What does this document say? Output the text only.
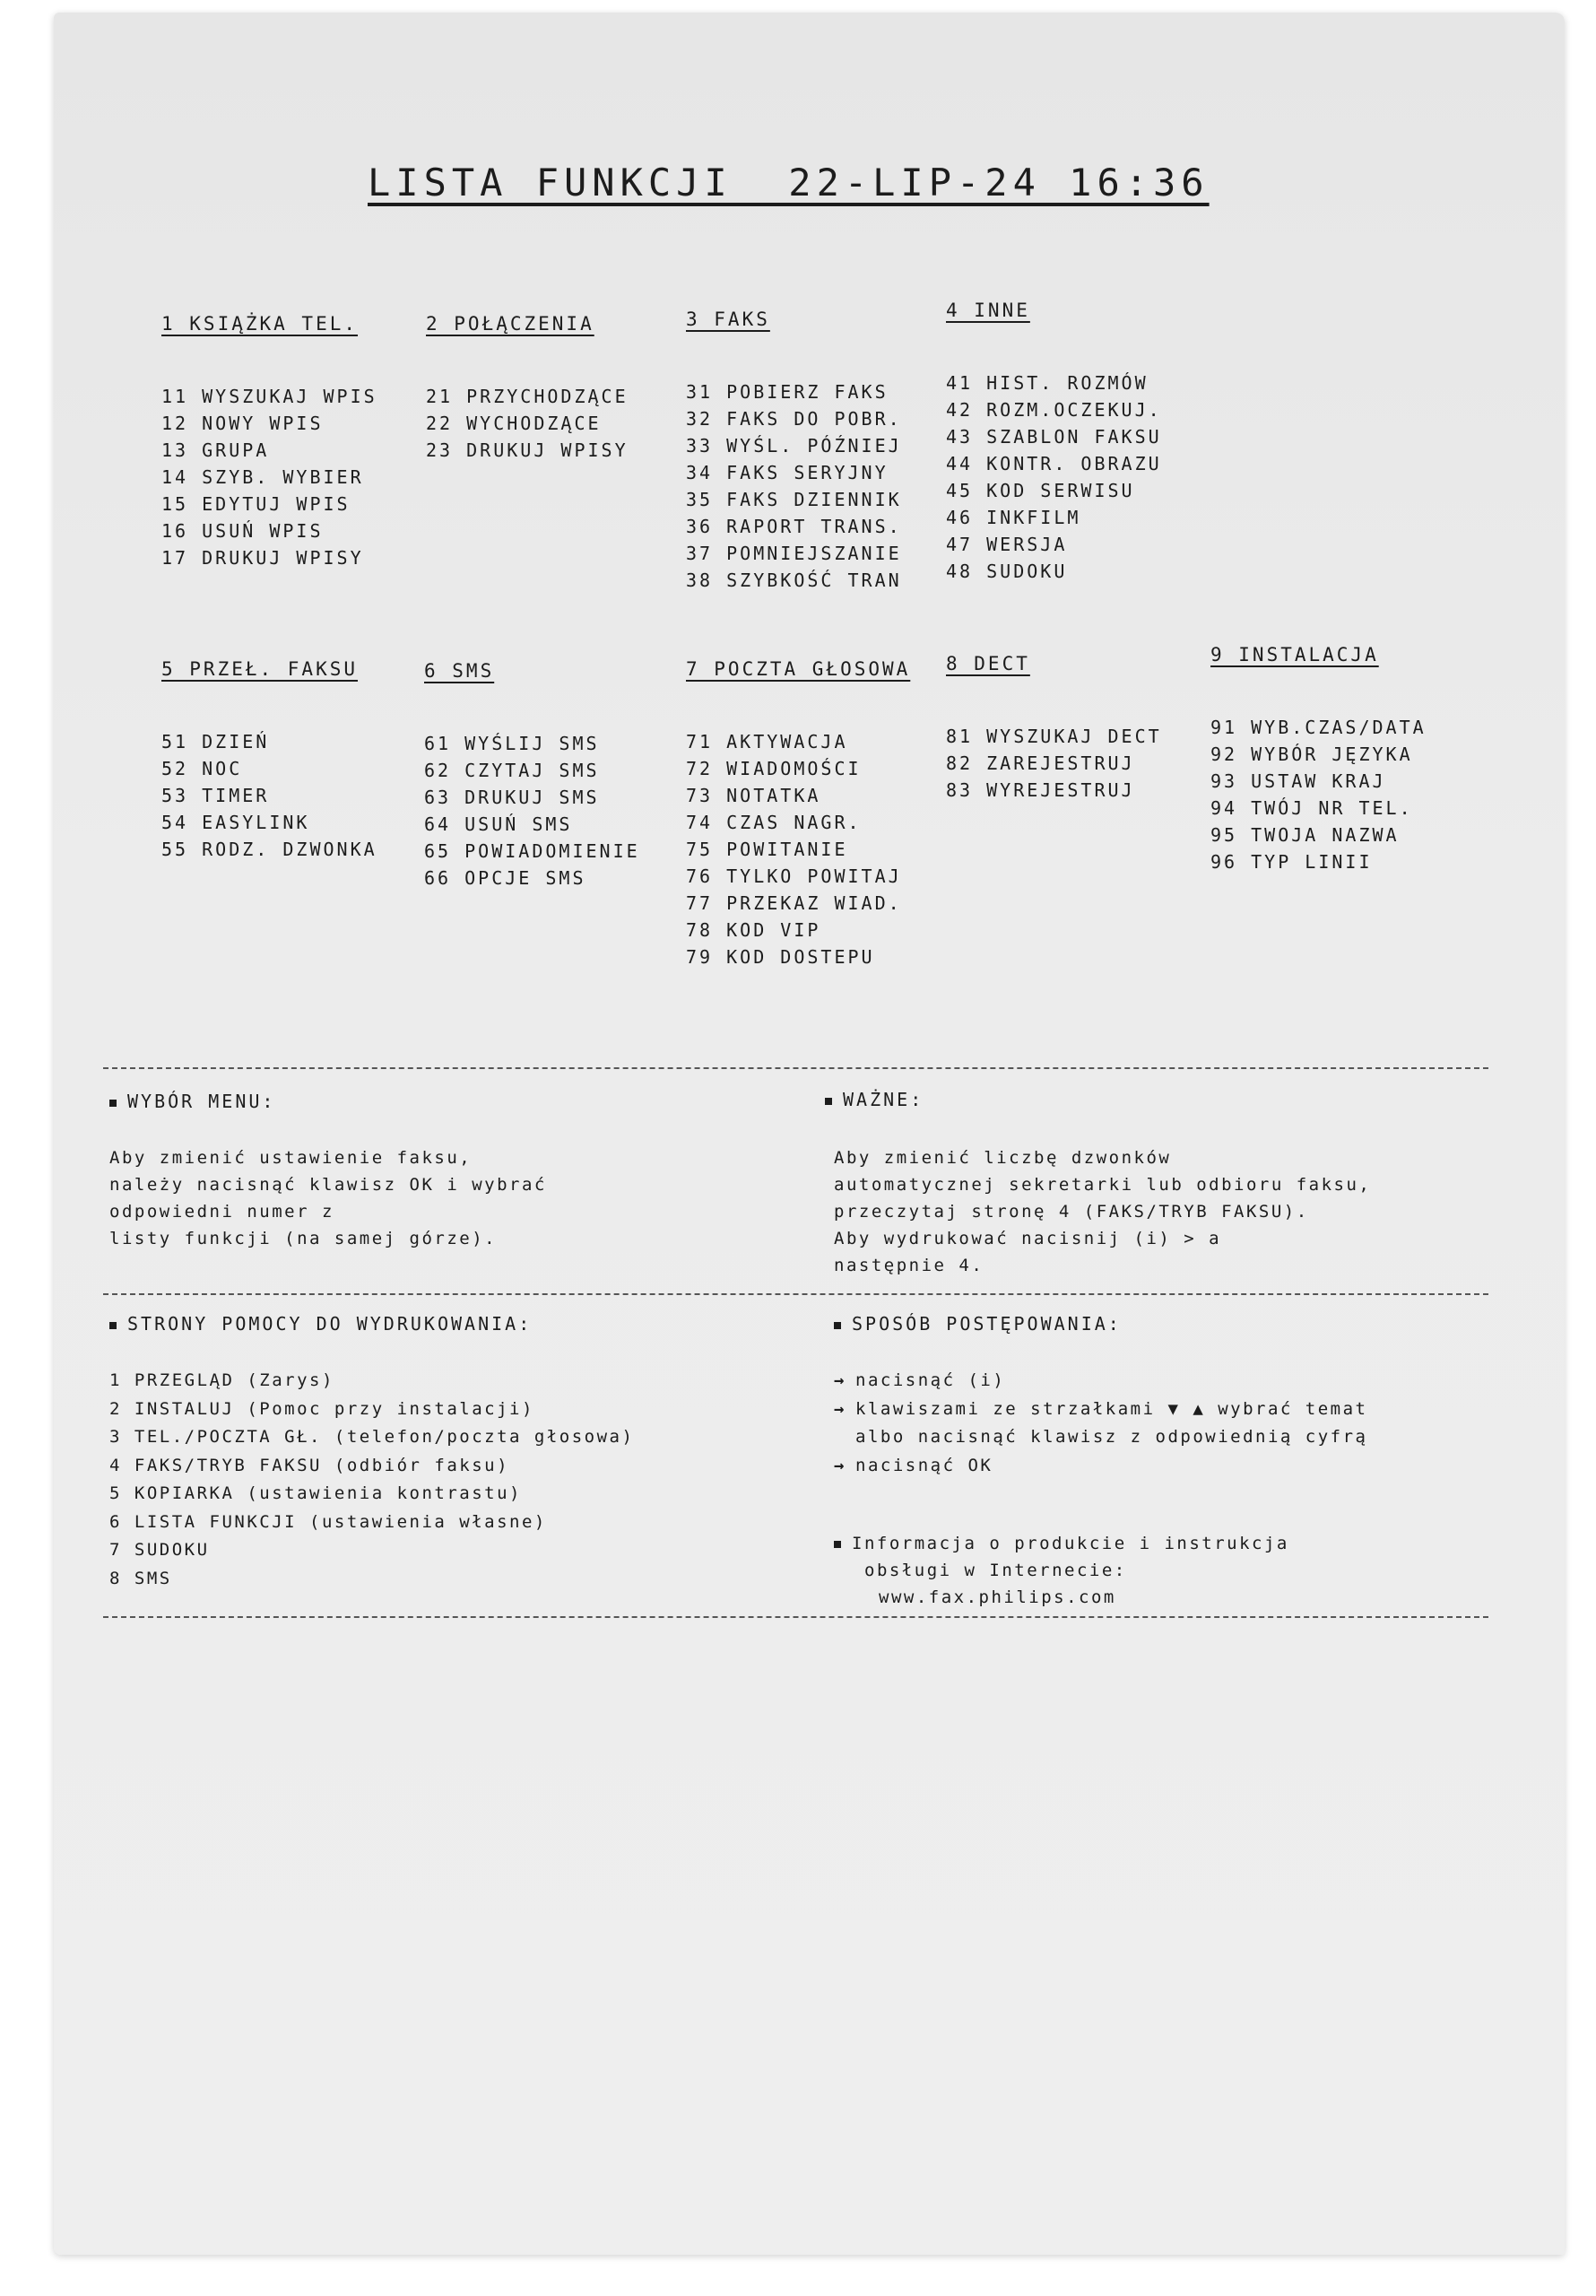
LISTA FUNKCJI  22-LIP-24 16:36
1 KSIĄŻKA TEL.
11 WYSZUKAJ WPIS
12 NOWY WPIS
13 GRUPA
14 SZYB. WYBIER
15 EDYTUJ WPIS
16 USUŃ WPIS
17 DRUKUJ WPISY
2 POŁĄCZENIA
21 PRZYCHODZĄCE
22 WYCHODZĄCE
23 DRUKUJ WPISY
3 FAKS
31 POBIERZ FAKS
32 FAKS DO POBR.
33 WYŚL. PÓŹNIEJ
34 FAKS SERYJNY
35 FAKS DZIENNIK
36 RAPORT TRANS.
37 POMNIEJSZANIE
38 SZYBKOŚĆ TRAN
4 INNE
41 HIST. ROZMÓW
42 ROZM.OCZEKUJ.
43 SZABLON FAKSU
44 KONTR. OBRAZU
45 KOD SERWISU
46 INKFILM
47 WERSJA
48 SUDOKU
5 PRZEŁ. FAKSU
51 DZIEŃ
52 NOC
53 TIMER
54 EASYLINK
55 RODZ. DZWONKA
6 SMS
61 WYŚLIJ SMS
62 CZYTAJ SMS
63 DRUKUJ SMS
64 USUŃ SMS
65 POWIADOMIENIE
66 OPCJE SMS
7 POCZTA GŁOSOWA
71 AKTYWACJA
72 WIADOMOŚCI
73 NOTATKA
74 CZAS NAGR.
75 POWITANIE
76 TYLKO POWITAJ
77 PRZEKAZ WIAD.
78 KOD VIP
79 KOD DOSTEPU
8 DECT
81 WYSZUKAJ DECT
82 ZAREJESTRUJ
83 WYREJESTRUJ
9 INSTALACJA
91 WYB.CZAS/DATA
92 WYBÓR JĘZYKA
93 USTAW KRAJ
94 TWÓJ NR TEL.
95 TWOJA NAZWA
96 TYP LINII
WYBÓR MENU:
Aby zmienić ustawienie faksu,
należy nacisnąć klawisz OK i wybrać
odpowiedni numer z
listy funkcji (na samej górze).
WAŻNE:
Aby zmienić liczbę dzwonków
automatycznej sekretarki lub odbioru faksu,
przeczytaj stronę 4 (FAKS/TRYB FAKSU).
Aby wydrukować nacisnij (i) > a
następnie 4.
STRONY POMOCY DO WYDRUKOWANIA:
1 PRZEGLĄD (Zarys)
2 INSTALUJ (Pomoc przy instalacji)
3 TEL./POCZTA GŁ. (telefon/poczta głosowa)
4 FAKS/TRYB FAKSU (odbiór faksu)
5 KOPIARKA (ustawienia kontrastu)
6 LISTA FUNKCJI (ustawienia własne)
7 SUDOKU
8 SMS
SPOSÓB POSTĘPOWANIA:
→ nacisnąć (i)
→ klawiszami ze strzałkami ▼ ▲ wybrać temat
albo nacisnąć klawisz z odpowiednią cyfrą
→ nacisnąć OK
Informacja o produkcie i instrukcja
obsługi w Internecie:
www.fax.philips.com
